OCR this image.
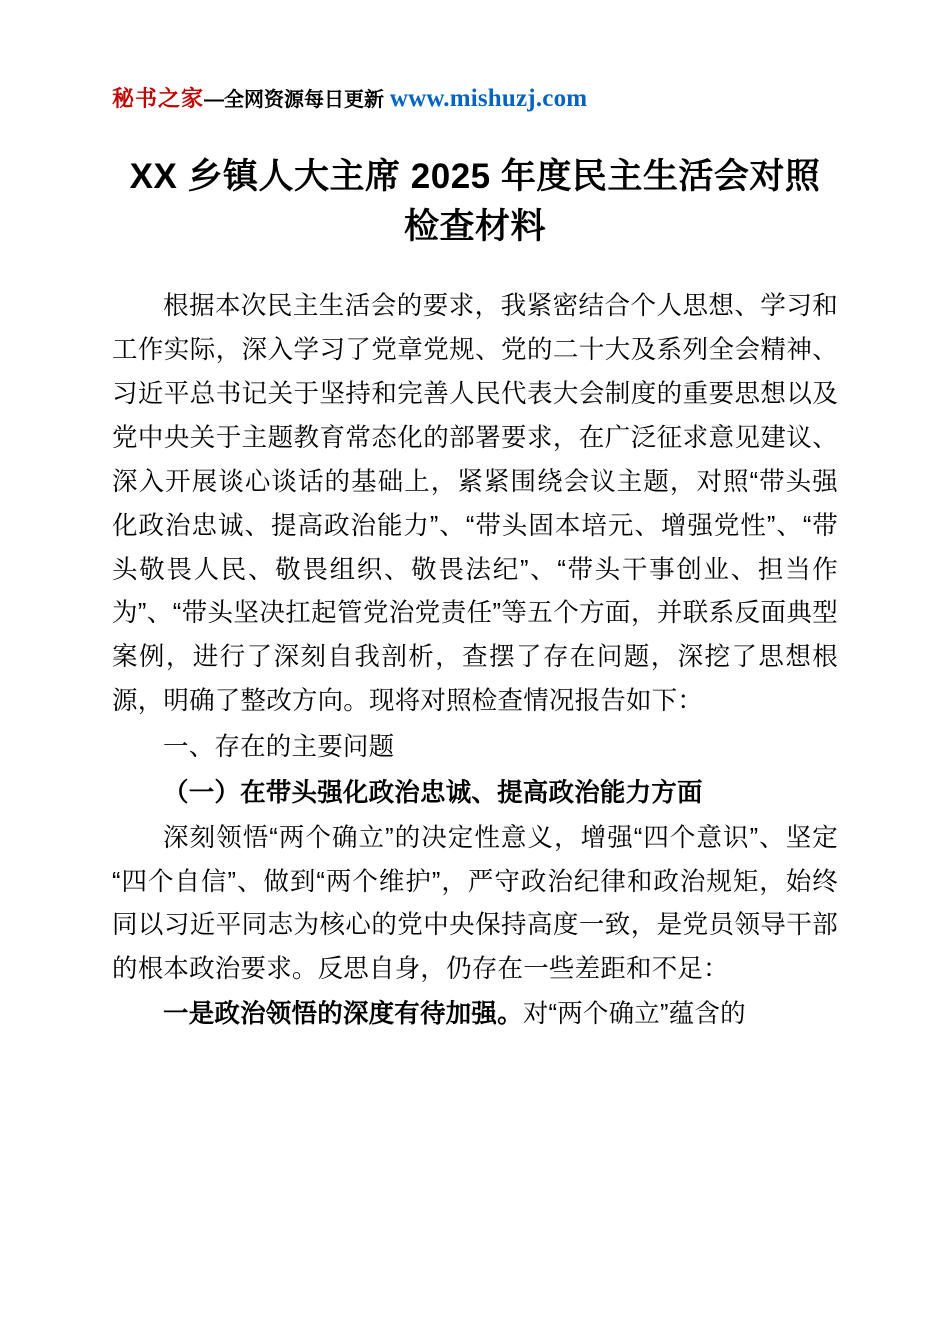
秘书之家—全网资源每日更新 www.mishuzj.com
XX 乡镇人大主席 2025 年度民主生活会对照检查材料

根据本次民主生活会的要求，我紧密结合个人思想、学习和工作实际，深入学习了党章党规、党的二十大及系列全会精神、习近平总书记关于坚持和完善人民代表大会制度的重要思想以及党中央关于主题教育常态化的部署要求，在广泛征求意见建议、深入开展谈心谈话的基础上，紧紧围绕会议主题，对照“带头强化政治忠诚、提高政治能力”、“带头固本培元、增强党性”、“带头敬畏人民、敬畏组织、敬畏法纪”、“带头干事创业、担当作为”、“带头坚决扛起管党治党责任”等五个方面，并联系反面典型案例，进行了深刻自我剖析，查摆了存在问题，深挖了思想根源，明确了整改方向。现将对照检查情况报告如下：

一、存在的主要问题

（一）在带头强化政治忠诚、提高政治能力方面

深刻领悟“两个确立”的决定性意义，增强“四个意识”、坚定“四个自信”、做到“两个维护”，严守政治纪律和政治规矩，始终同以习近平同志为核心的党中央保持高度一致，是党员领导干部的根本政治要求。反思自身，仍存在一些差距和不足：

一是政治领悟的深度有待加强。对“两个确立”蕴含的
